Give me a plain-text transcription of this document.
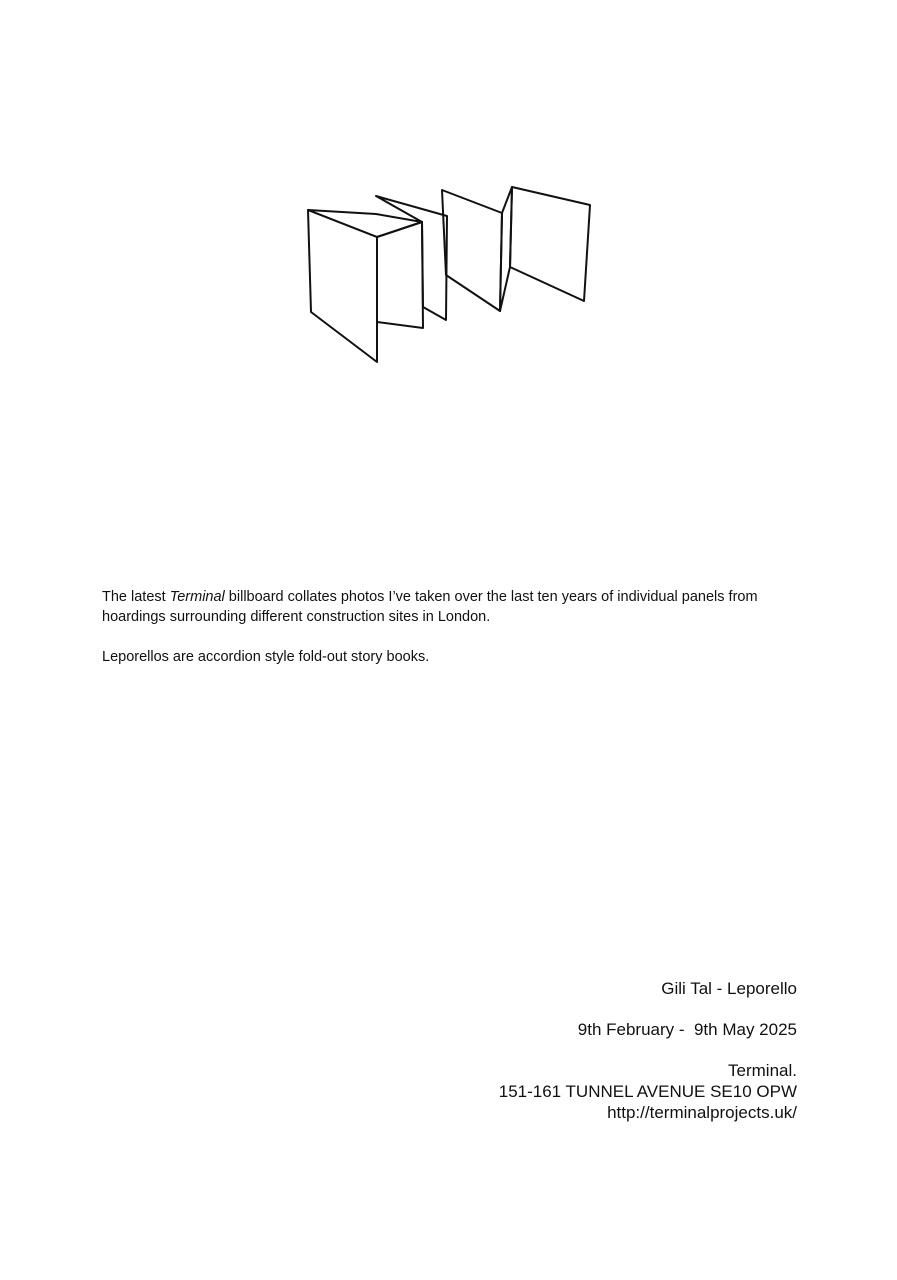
The latest Terminal billboard collates photos I’ve taken over the last ten years of individual panels from hoardings surrounding different construction sites in London.

Leporellos are accordion style fold-out story books.

Gili Tal - Leporello
9th February -  9th May 2025
Terminal.
151-161 TUNNEL AVENUE SE10 OPW
http://terminalprojects.uk/
